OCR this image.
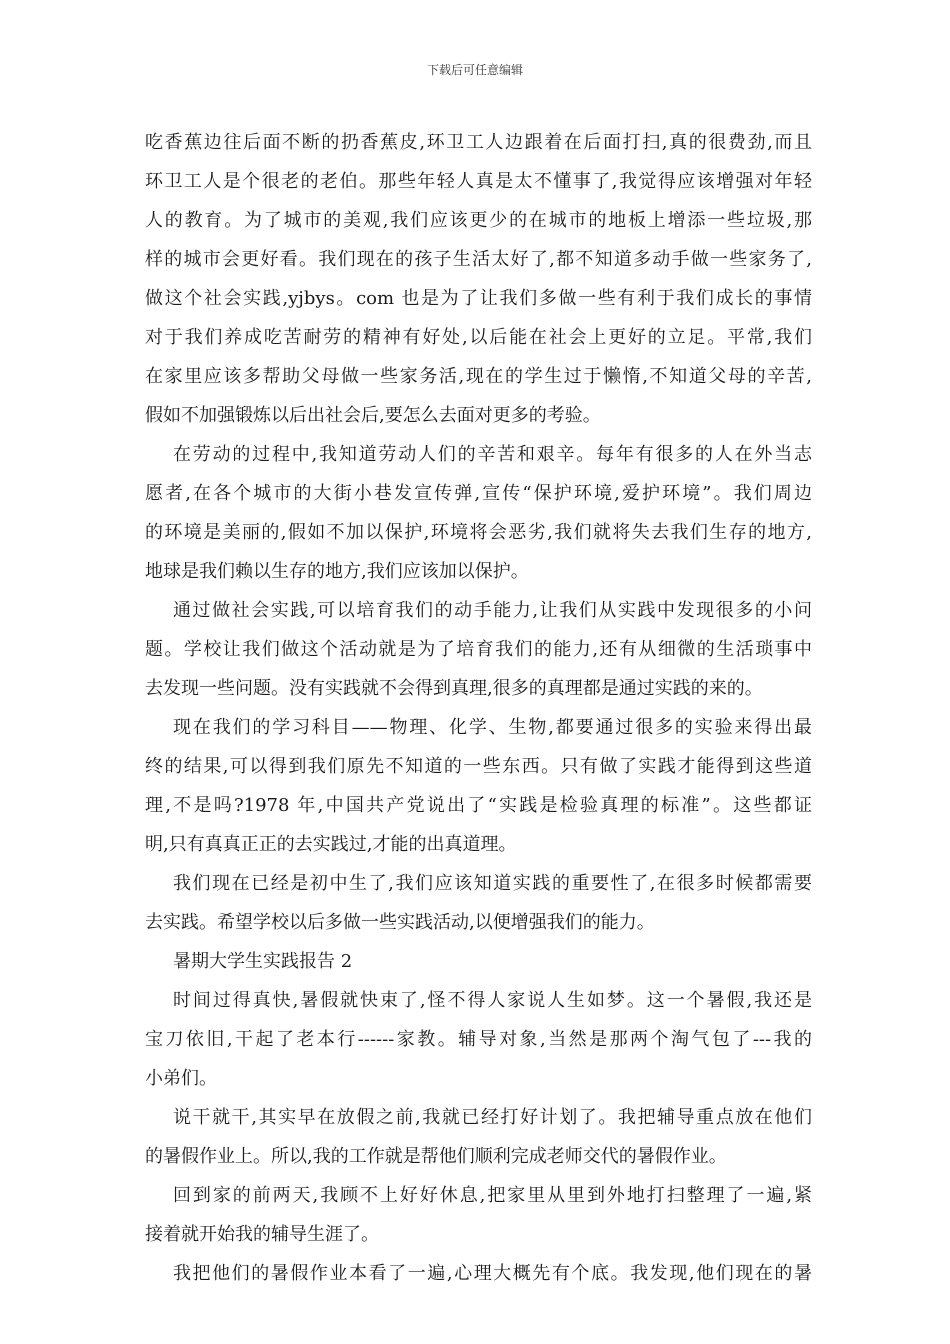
下载后可任意编辑
吃香蕉边往后面不断的扔香蕉皮,环卫工人边跟着在后面打扫,真的很费劲,而且
环卫工人是个很老的老伯。那些年轻人真是太不懂事了,我觉得应该增强对年轻
人的教育。为了城市的美观,我们应该更少的在城市的地板上增添一些垃圾,那
样的城市会更好看。我们现在的孩子生活太好了,都不知道多动手做一些家务了,
做这个社会实践,yjbys。com 也是为了让我们多做一些有利于我们成长的事情
对于我们养成吃苦耐劳的精神有好处,以后能在社会上更好的立足。平常,我们
在家里应该多帮助父母做一些家务活,现在的学生过于懒惰,不知道父母的辛苦,
假如不加强锻炼以后出社会后,要怎么去面对更多的考验。
在劳动的过程中,我知道劳动人们的辛苦和艰辛。每年有很多的人在外当志
愿者,在各个城市的大街小巷发宣传弹,宣传“保护环境,爱护环境”。我们周边
的环境是美丽的,假如不加以保护,环境将会恶劣,我们就将失去我们生存的地方,
地球是我们赖以生存的地方,我们应该加以保护。
通过做社会实践,可以培育我们的动手能力,让我们从实践中发现很多的小问
题。学校让我们做这个活动就是为了培育我们的能力,还有从细微的生活琐事中
去发现一些问题。没有实践就不会得到真理,很多的真理都是通过实践的来的。
现在我们的学习科目——物理、化学、生物,都要通过很多的实验来得出最
终的结果,可以得到我们原先不知道的一些东西。只有做了实践才能得到这些道
理,不是吗?1978 年,中国共产党说出了“实践是检验真理的标准”。这些都证
明,只有真真正正的去实践过,才能的出真道理。
我们现在已经是初中生了,我们应该知道实践的重要性了,在很多时候都需要
去实践。希望学校以后多做一些实践活动,以便增强我们的能力。
暑期大学生实践报告 2
时间过得真快,暑假就快束了,怪不得人家说人生如梦。这一个暑假,我还是
宝刀依旧,干起了老本行------家教。辅导对象,当然是那两个淘气包了---我的
小弟们。
说干就干,其实早在放假之前,我就已经打好计划了。我把辅导重点放在他们
的暑假作业上。所以,我的工作就是帮他们顺利完成老师交代的暑假作业。
回到家的前两天,我顾不上好好休息,把家里从里到外地打扫整理了一遍,紧
接着就开始我的辅导生涯了。
我把他们的暑假作业本看了一遍,心理大概先有个底。我发现,他们现在的暑
